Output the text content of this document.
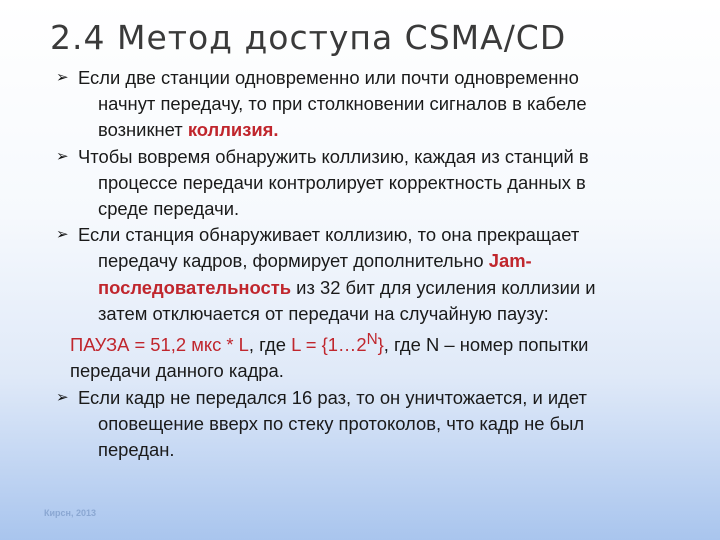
2.4 Метод доступа CSMA/CD
➢ Если две станции одновременно или почти одновременно
начнут передачу, то при столкновении сигналов в кабеле
возникнет коллизия.
➢ Чтобы вовремя обнаружить коллизию, каждая из станций в
процессе передачи контролирует корректность данных в
среде передачи.
➢ Если станция обнаруживает коллизию, то она прекращает
передачу кадров, формирует дополнительно Jam-
последовательность из 32 бит для усиления коллизии и
затем отключается от передачи на случайную паузу:
ПАУЗА = 51,2 мкс * L, где $L = \{1\dots 2^N\}$, где N – номер попытки
передачи данного кадра.
➢ Если кадр не передался 16 раз, то он уничтожается, и идет
оповещение вверх по стеку протоколов, что кадр не был
передан.
Кирсн, 2013
